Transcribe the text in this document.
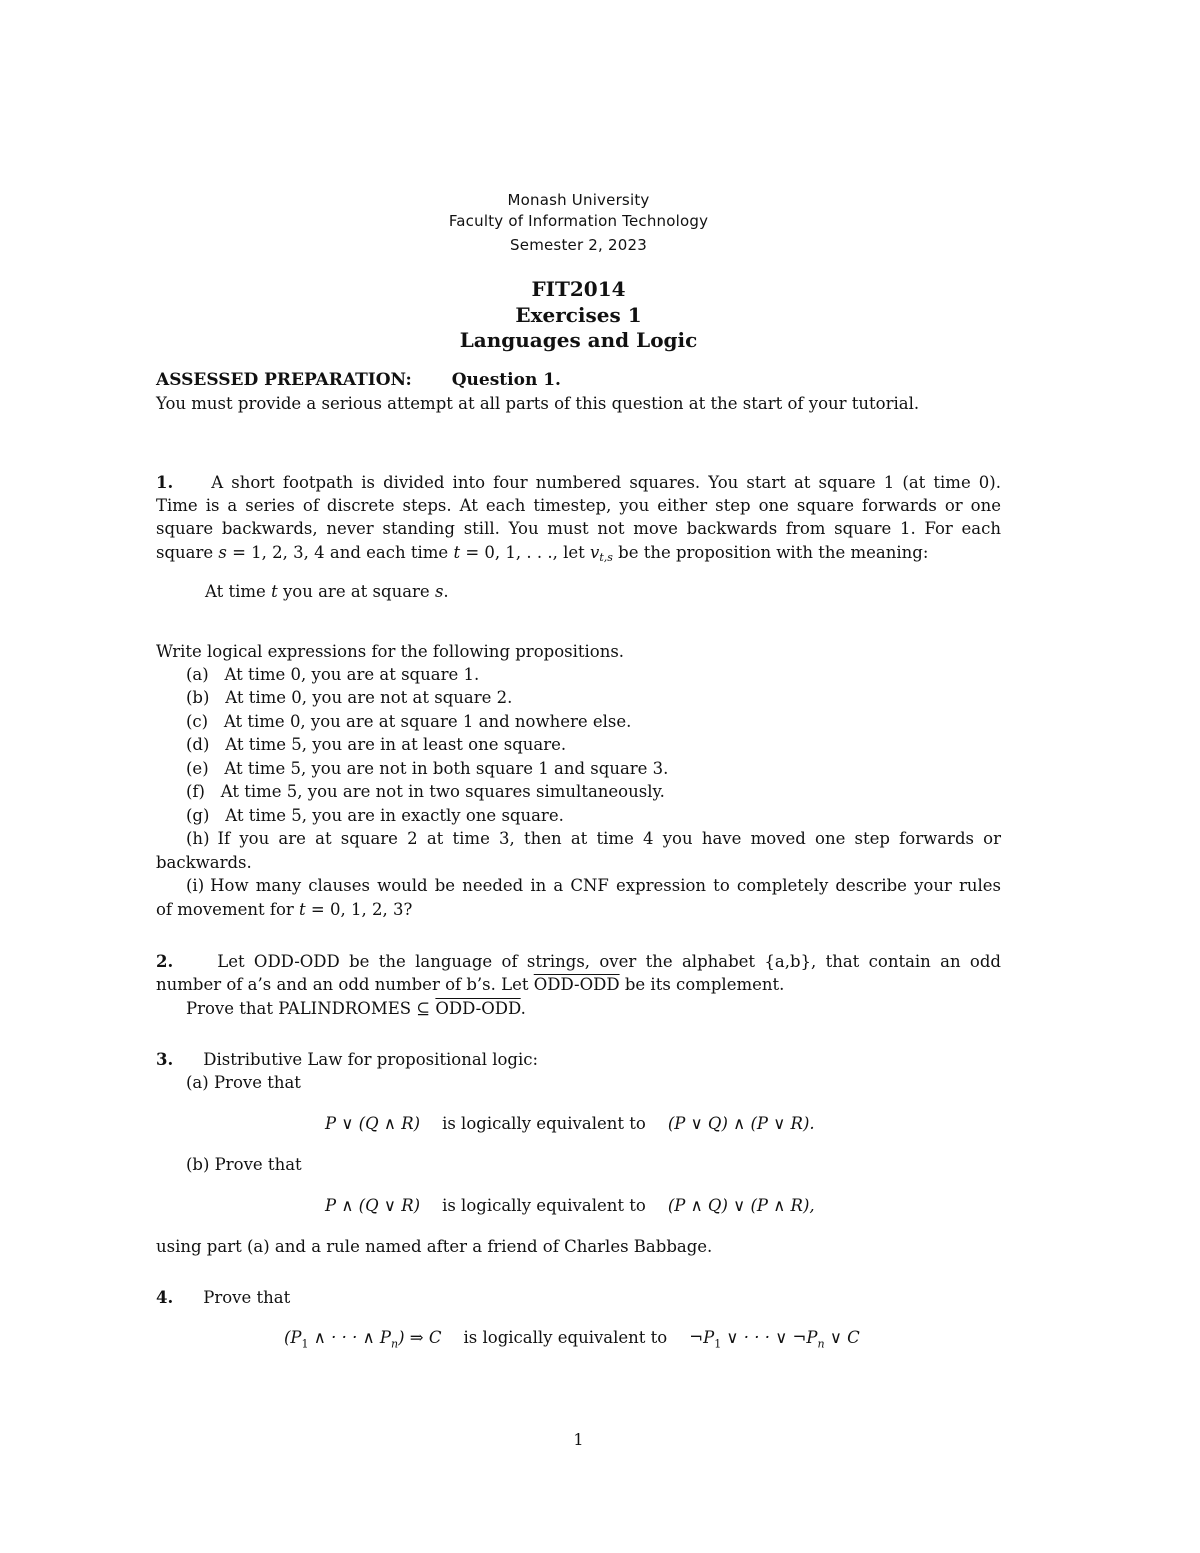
Monash University
Faculty of Information Technology
Semester 2, 2023
FIT2014
Exercises 1
Languages and Logic
ASSESSED PREPARATION: Question 1.
You must provide a serious attempt at all parts of this question at the start of your tutorial.
1. A short footpath is divided into four numbered squares. You start at square 1 (at time 0).
Time is a series of discrete steps. At each timestep, you either step one square forwards or one
square backwards, never standing still. You must not move backwards from square 1. For each
square s = 1, 2, 3, 4 and each time t = 0, 1, . . ., let $v_{t,s}$ be the proposition with the meaning:
At time t you are at square s.
Write logical expressions for the following propositions.
(a) At time 0, you are at square 1.
(b) At time 0, you are not at square 2.
(c) At time 0, you are at square 1 and nowhere else.
(d) At time 5, you are in at least one square.
(e) At time 5, you are not in both square 1 and square 3.
(f) At time 5, you are not in two squares simultaneously.
(g) At time 5, you are in exactly one square.
(h) If you are at square 2 at time 3, then at time 4 you have moved one step forwards or
backwards.
(i) How many clauses would be needed in a CNF expression to completely describe your rules
of movement for t = 0, 1, 2, 3?
2.	Let ODD-ODD be the language of strings, over the alphabet {a,b}, that contain an odd
number of a’s and an odd number of b’s. Let ODD-ODD be its complement.
Prove that PALINDROMES ⊆ ODD-ODD.
3. Distributive Law for propositional logic:
(a) Prove that
P ∨ (Q ∧ R) is logically equivalent to (P ∨ Q) ∧ (P ∨ R).
(b) Prove that
P ∧ (Q ∨ R) is logically equivalent to (P ∧ Q) ∨ (P ∧ R),
using part (a) and a rule named after a friend of Charles Babbage.
4. Prove that
($P_1$ ∧ · · · ∧ $P_n$) ⇒ C is logically equivalent to $\neg P_1$ ∨ · · · ∨ $\neg P_n$ ∨ C
1
